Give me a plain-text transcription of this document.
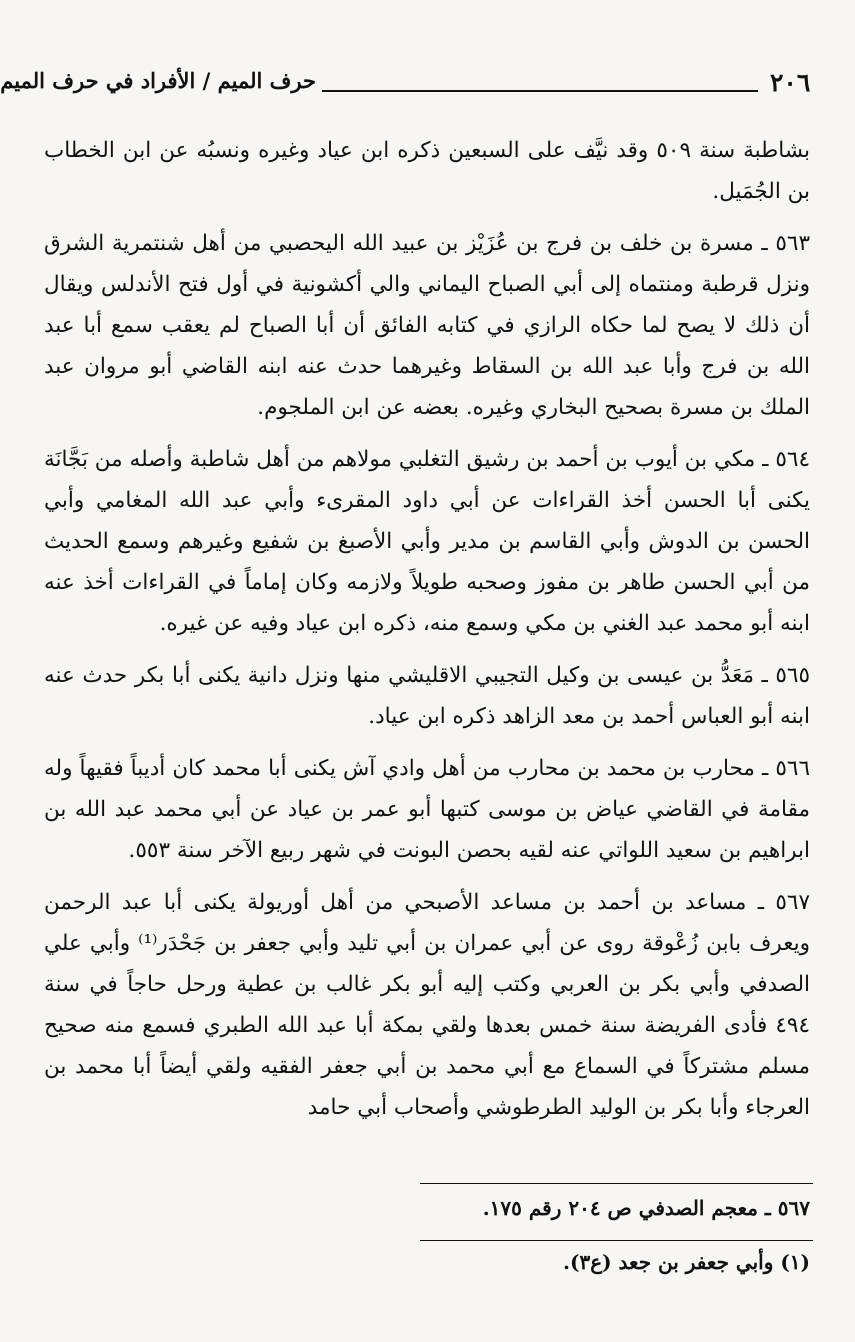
٢٠٦
حرف الميم / الأفراد في حرف الميم

بشاطبة سنة ٥٠٩ وقد نيَّف على السبعين ذكره ابن عياد وغيره ونسبُه عن ابن الخطاب بن الجُمَيل.

٥٦٣ ـ مسرة بن خلف بن فرج بن عُزَيْز بن عبيد الله اليحصبي من أهل شنتمرية الشرق ونزل قرطبة ومنتماه إلى أبي الصباح اليماني والي أكشونية في أول فتح الأندلس ويقال أن ذلك لا يصح لما حكاه الرازي في كتابه الفائق أن أبا الصباح لم يعقب سمع أبا عبد الله بن فرج وأبا عبد الله بن السقاط وغيرهما حدث عنه ابنه القاضي أبو مروان عبد الملك بن مسرة بصحيح البخاري وغيره. بعضه عن ابن الملجوم.

٥٦٤ ـ مكي بن أيوب بن أحمد بن رشيق التغلبي مولاهم من أهل شاطبة وأصله من بَجَّانَة يكنى أبا الحسن أخذ القراءات عن أبي داود المقرىء وأبي عبد الله المغامي وأبي الحسن بن الدوش وأبي القاسم بن مدير وأبي الأصبغ بن شفيع وغيرهم وسمع الحديث من أبي الحسن طاهر بن مفوز وصحبه طويلاً ولازمه وكان إماماً في القراءات أخذ عنه ابنه أبو محمد عبد الغني بن مكي وسمع منه، ذكره ابن عياد وفيه عن غيره.

٥٦٥ ـ مَعَدُّ بن عيسى بن وكيل التجيبي الاقليشي منها ونزل دانية يكنى أبا بكر حدث عنه ابنه أبو العباس أحمد بن معد الزاهد ذكره ابن عياد.

٥٦٦ ـ محارب بن محمد بن محارب من أهل وادي آش يكنى أبا محمد كان أديباً فقيهاً وله مقامة في القاضي عياض بن موسى كتبها أبو عمر بن عياد عن أبي محمد عبد الله بن ابراهيم بن سعيد اللواتي عنه لقيه بحصن البونت في شهر ربيع الآخر سنة ٥٥٣.

٥٦٧ ـ مساعد بن أحمد بن مساعد الأصبحي من أهل أوريولة يكنى أبا عبد الرحمن ويعرف بابن زُعْوقة روى عن أبي عمران بن أبي تليد وأبي جعفر بن جَحْدَر⁽¹⁾ وأبي علي الصدفي وأبي بكر بن العربي وكتب إليه أبو بكر غالب بن عطية ورحل حاجاً في سنة ٤٩٤ فأدى الفريضة سنة خمس بعدها ولقي بمكة أبا عبد الله الطبري فسمع منه صحيح مسلم مشتركاً في السماع مع أبي محمد بن أبي جعفر الفقيه ولقي أيضاً أبا محمد بن العرجاء وأبا بكر بن الوليد الطرطوشي وأصحاب أبي حامد

٥٦٧ ـ معجم الصدفي ص ٢٠٤ رقم ١٧٥.
(١) وأبي جعفر بن جعد (ع٣).
